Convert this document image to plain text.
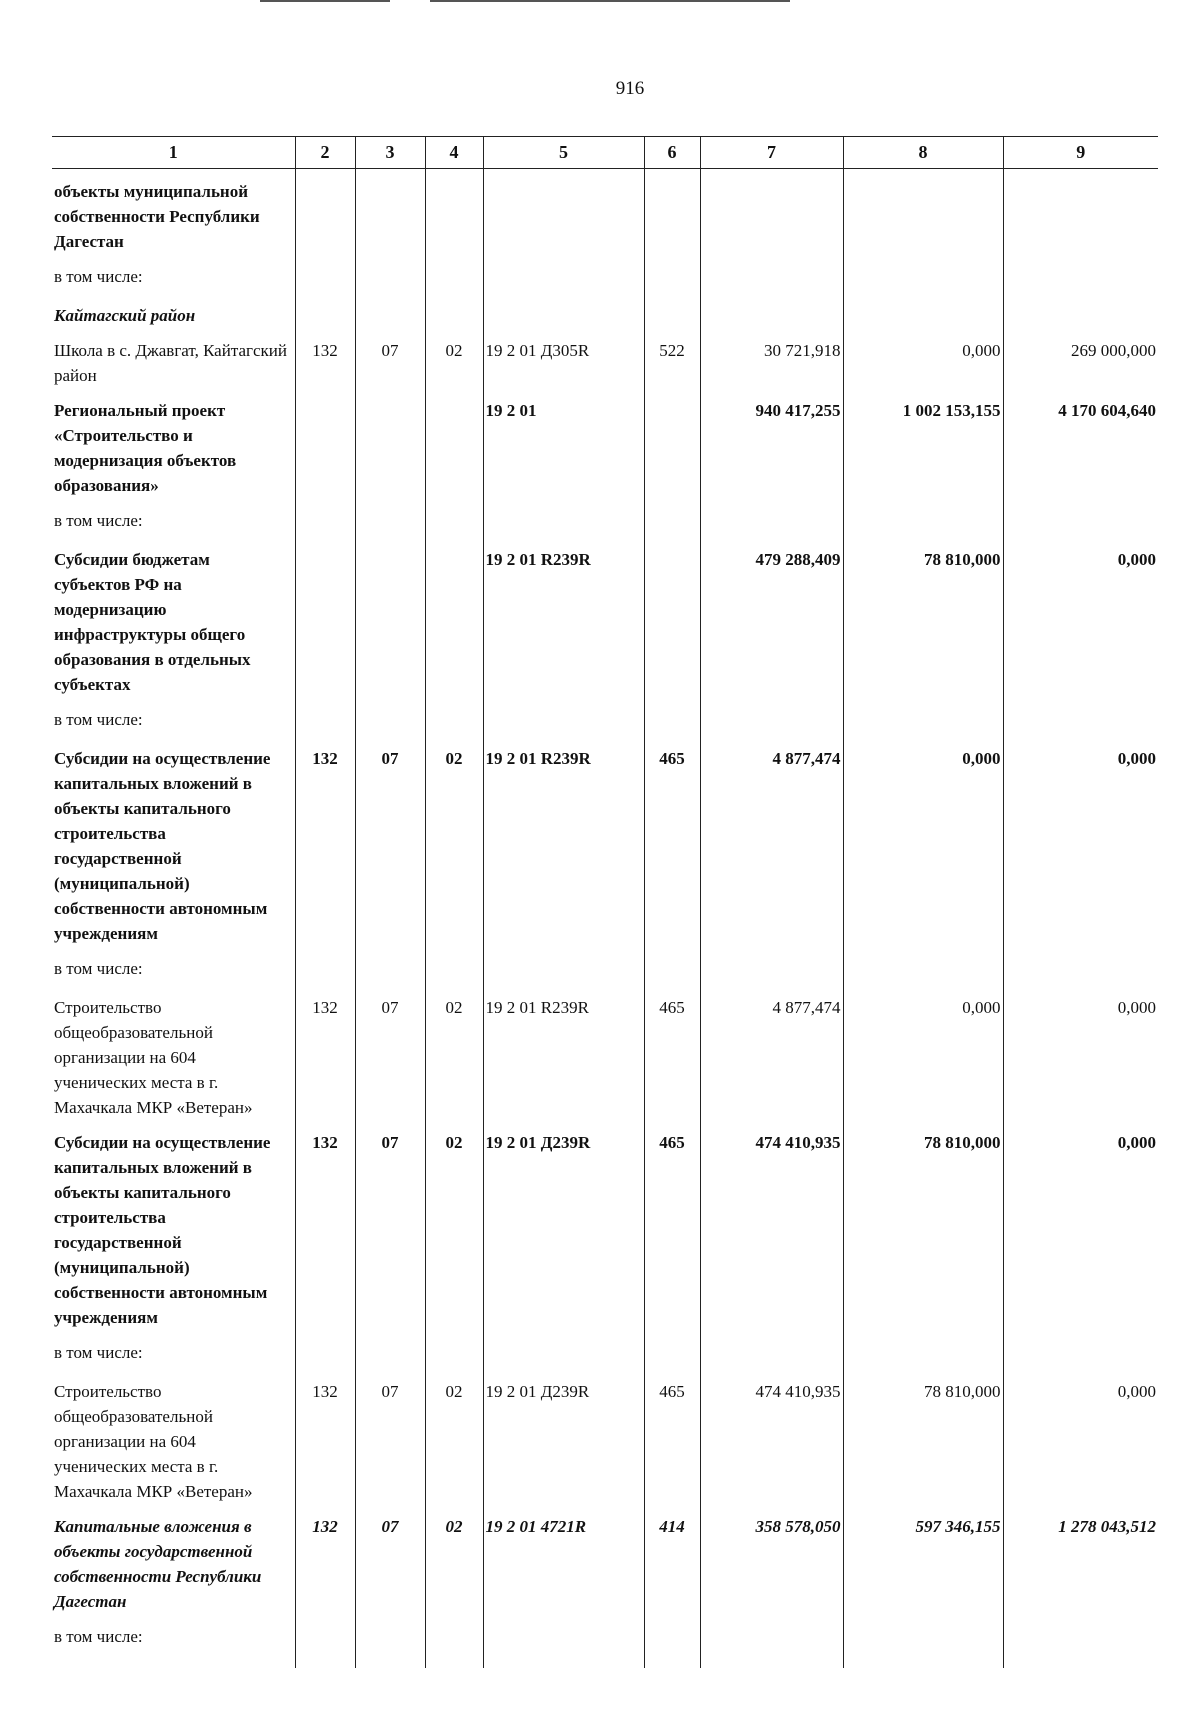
916
1	2	3	4	5	6	7	8	9
объекты муниципальной собственности Республики Дагестан								
в том числе:								
Кайтагский район								
Школа в с. Джавгат, Кайтагский район	132	07	02	19 2 01 Д305R	522	30 721,918	0,000	269 000,000
Региональный проект «Строительство и модернизация объектов образования»				19 2 01		940 417,255	1 002 153,155	4 170 604,640
в том числе:								
Субсидии бюджетам субъектов РФ на модернизацию инфраструктуры общего образования в отдельных субъектах				19 2 01 R239R		479 288,409	78 810,000	0,000
в том числе:								
Субсидии на осуществление капитальных вложений в объекты капитального строительства государственной (муниципальной) собственности автономным учреждениям	132	07	02	19 2 01 R239R	465	4 877,474	0,000	0,000
в том числе:								
Строительство общеобразовательной организации на 604 ученических места в г. Махачкала МКР «Ветеран»	132	07	02	19 2 01 R239R	465	4 877,474	0,000	0,000
Субсидии на осуществление капитальных вложений в объекты капитального строительства государственной (муниципальной) собственности автономным учреждениям	132	07	02	19 2 01 Д239R	465	474 410,935	78 810,000	0,000
в том числе:								
Строительство общеобразовательной организации на 604 ученических места в г. Махачкала МКР «Ветеран»	132	07	02	19 2 01 Д239R	465	474 410,935	78 810,000	0,000
Капитальные вложения в объекты государственной собственности Республики Дагестан	132	07	02	19 2 01 4721R	414	358 578,050	597 346,155	1 278 043,512
в том числе:								
